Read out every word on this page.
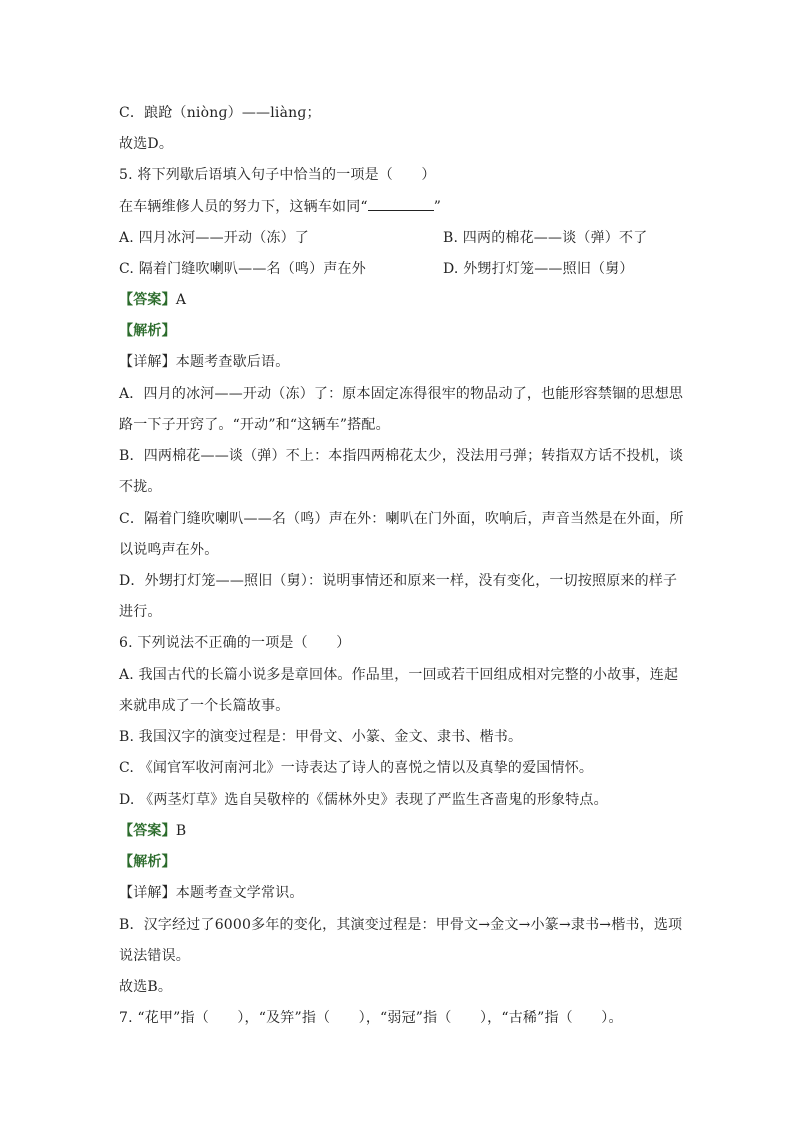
C．踉跄（niònɡ）——liànɡ；
故选D。
5. 将下列歇后语填入句子中恰当的一项是（　　）
在车辆维修人员的努力下，这辆车如同“	”
A. 四月冰河——开动（冻）了	B. 四两的棉花——谈（弹）不了
C. 隔着门缝吹喇叭——名（鸣）声在外	D. 外甥打灯笼——照旧（舅）
【答案】A
【解析】
【详解】本题考查歇后语。
A．四月的冰河——开动（冻）了：原本固定冻得很牢的物品动了，也能形容禁锢的思想思
路一下子开窍了。“开动”和“这辆车”搭配。
B．四两棉花——谈（弹）不上：本指四两棉花太少，没法用弓弹；转指双方话不投机，谈
不拢。
C．隔着门缝吹喇叭——名（鸣）声在外：喇叭在门外面，吹响后，声音当然是在外面，所
以说鸣声在外。
D．外甥打灯笼——照旧（舅）：说明事情还和原来一样，没有变化，一切按照原来的样子
进行。
6. 下列说法不正确的一项是（　　）
A. 我国古代的长篇小说多是章回体。作品里，一回或若干回组成相对完整的小故事，连起
来就串成了一个长篇故事。
B. 我国汉字的演变过程是：甲骨文、小篆、金文、隶书、楷书。
C. 《闻官军收河南河北》一诗表达了诗人的喜悦之情以及真挚的爱国情怀。
D. 《两茎灯草》选自吴敬梓的《儒林外史》表现了严监生吝啬鬼的形象特点。
【答案】B
【解析】
【详解】本题考查文学常识。
B．汉字经过了6000多年的变化，其演变过程是：甲骨文→金文→小篆→隶书→楷书，选项
说法错误。
故选B。
7. “花甲”指（　　），“及笄”指（　　），“弱冠”指（　　），“古稀”指（　　）。
